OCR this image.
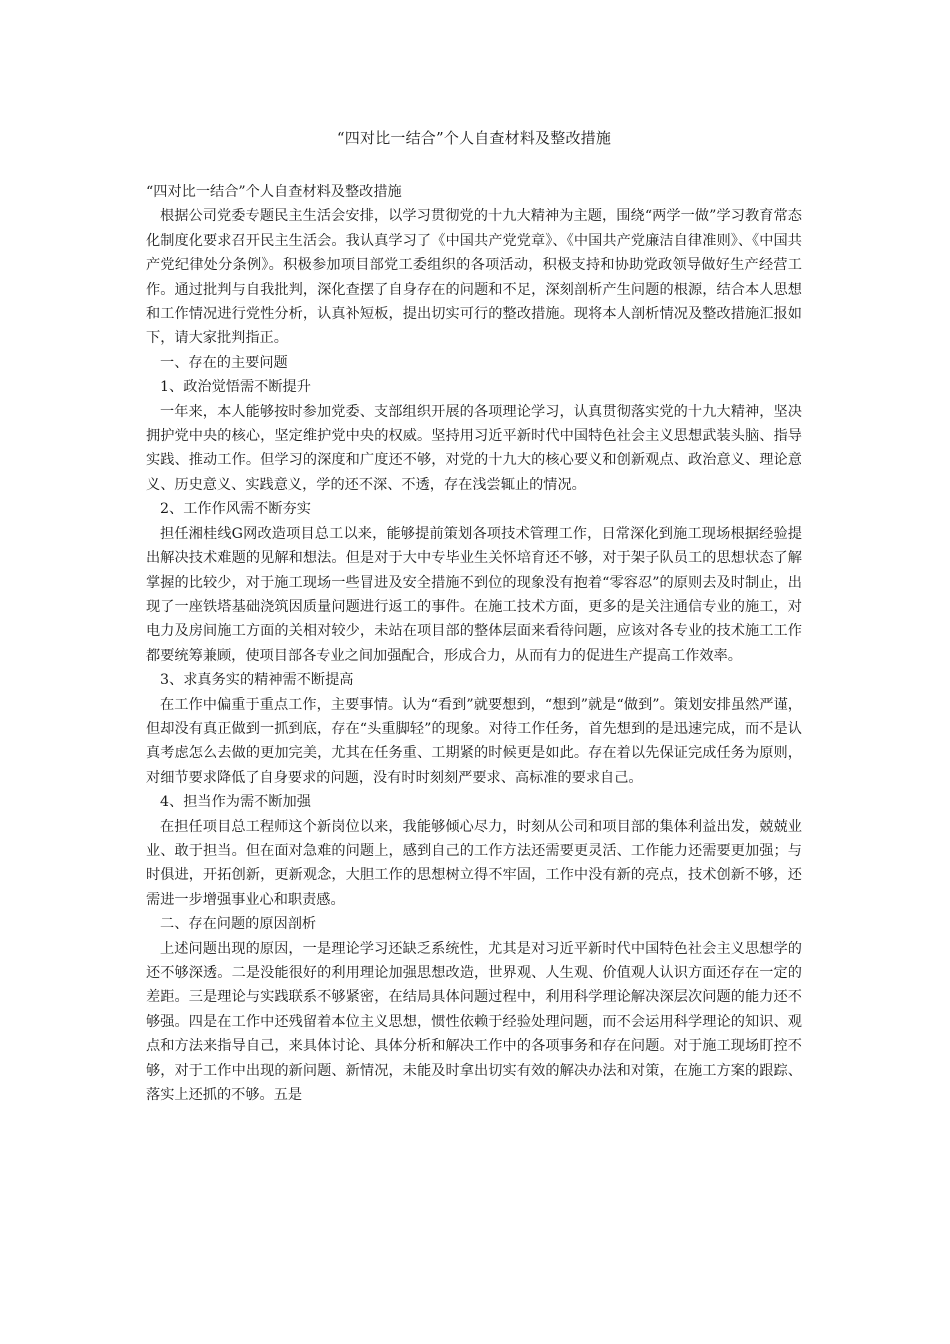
“四对比一结合”个人自查材料及整改措施

“四对比一结合”个人自查材料及整改措施

根据公司党委专题民主生活会安排，以学习贯彻党的十九大精神为主题，围绕“两学一做”学习教育常态化制度化要求召开民主生活会。我认真学习了《中国共产党党章》、《中国共产党廉洁自律准则》、《中国共产党纪律处分条例》。积极参加项目部党工委组织的各项活动，积极支持和协助党政领导做好生产经营工作。通过批判与自我批判，深化查摆了自身存在的问题和不足，深刻剖析产生问题的根源，结合本人思想和工作情况进行党性分析，认真补短板，提出切实可行的整改措施。现将本人剖析情况及整改措施汇报如下，请大家批判指正。

一、存在的主要问题

1、政治觉悟需不断提升

一年来，本人能够按时参加党委、支部组织开展的各项理论学习，认真贯彻落实党的十九大精神，坚决拥护党中央的核心，坚定维护党中央的权威。坚持用习近平新时代中国特色社会主义思想武装头脑、指导实践、推动工作。但学习的深度和广度还不够，对党的十九大的核心要义和创新观点、政治意义、理论意义、历史意义、实践意义，学的还不深、不透，存在浅尝辄止的情况。

2、工作作风需不断夯实

担任湘桂线G网改造项目总工以来，能够提前策划各项技术管理工作，日常深化到施工现场根据经验提出解决技术难题的见解和想法。但是对于大中专毕业生关怀培育还不够，对于架子队员工的思想状态了解掌握的比较少，对于施工现场一些冒进及安全措施不到位的现象没有抱着“零容忍”的原则去及时制止，出现了一座铁塔基础浇筑因质量问题进行返工的事件。在施工技术方面，更多的是关注通信专业的施工，对电力及房间施工方面的关相对较少，未站在项目部的整体层面来看待问题，应该对各专业的技术施工工作都要统筹兼顾，使项目部各专业之间加强配合，形成合力，从而有力的促进生产提高工作效率。

3、求真务实的精神需不断提高

在工作中偏重于重点工作，主要事情。认为“看到”就要想到，“想到”就是“做到”。策划安排虽然严谨，但却没有真正做到一抓到底，存在“头重脚轻”的现象。对待工作任务，首先想到的是迅速完成，而不是认真考虑怎么去做的更加完美，尤其在任务重、工期紧的时候更是如此。存在着以先保证完成任务为原则，对细节要求降低了自身要求的问题，没有时时刻刻严要求、高标准的要求自己。

4、担当作为需不断加强

在担任项目总工程师这个新岗位以来，我能够倾心尽力，时刻从公司和项目部的集体利益出发，兢兢业业、敢于担当。但在面对急难的问题上，感到自己的工作方法还需要更灵活、工作能力还需要更加强；与时俱进，开拓创新，更新观念，大胆工作的思想树立得不牢固，工作中没有新的亮点，技术创新不够，还需进一步增强事业心和职责感。

二、存在问题的原因剖析

上述问题出现的原因，一是理论学习还缺乏系统性，尤其是对习近平新时代中国特色社会主义思想学的还不够深透。二是没能很好的利用理论加强思想改造，世界观、人生观、价值观人认识方面还存在一定的差距。三是理论与实践联系不够紧密，在结局具体问题过程中，利用科学理论解决深层次问题的能力还不够强。四是在工作中还残留着本位主义思想，惯性依赖于经验处理问题，而不会运用科学理论的知识、观点和方法来指导自己，来具体讨论、具体分析和解决工作中的各项事务和存在问题。对于施工现场盯控不够，对于工作中出现的新问题、新情况，未能及时拿出切实有效的解决办法和对策，在施工方案的跟踪、落实上还抓的不够。五是
